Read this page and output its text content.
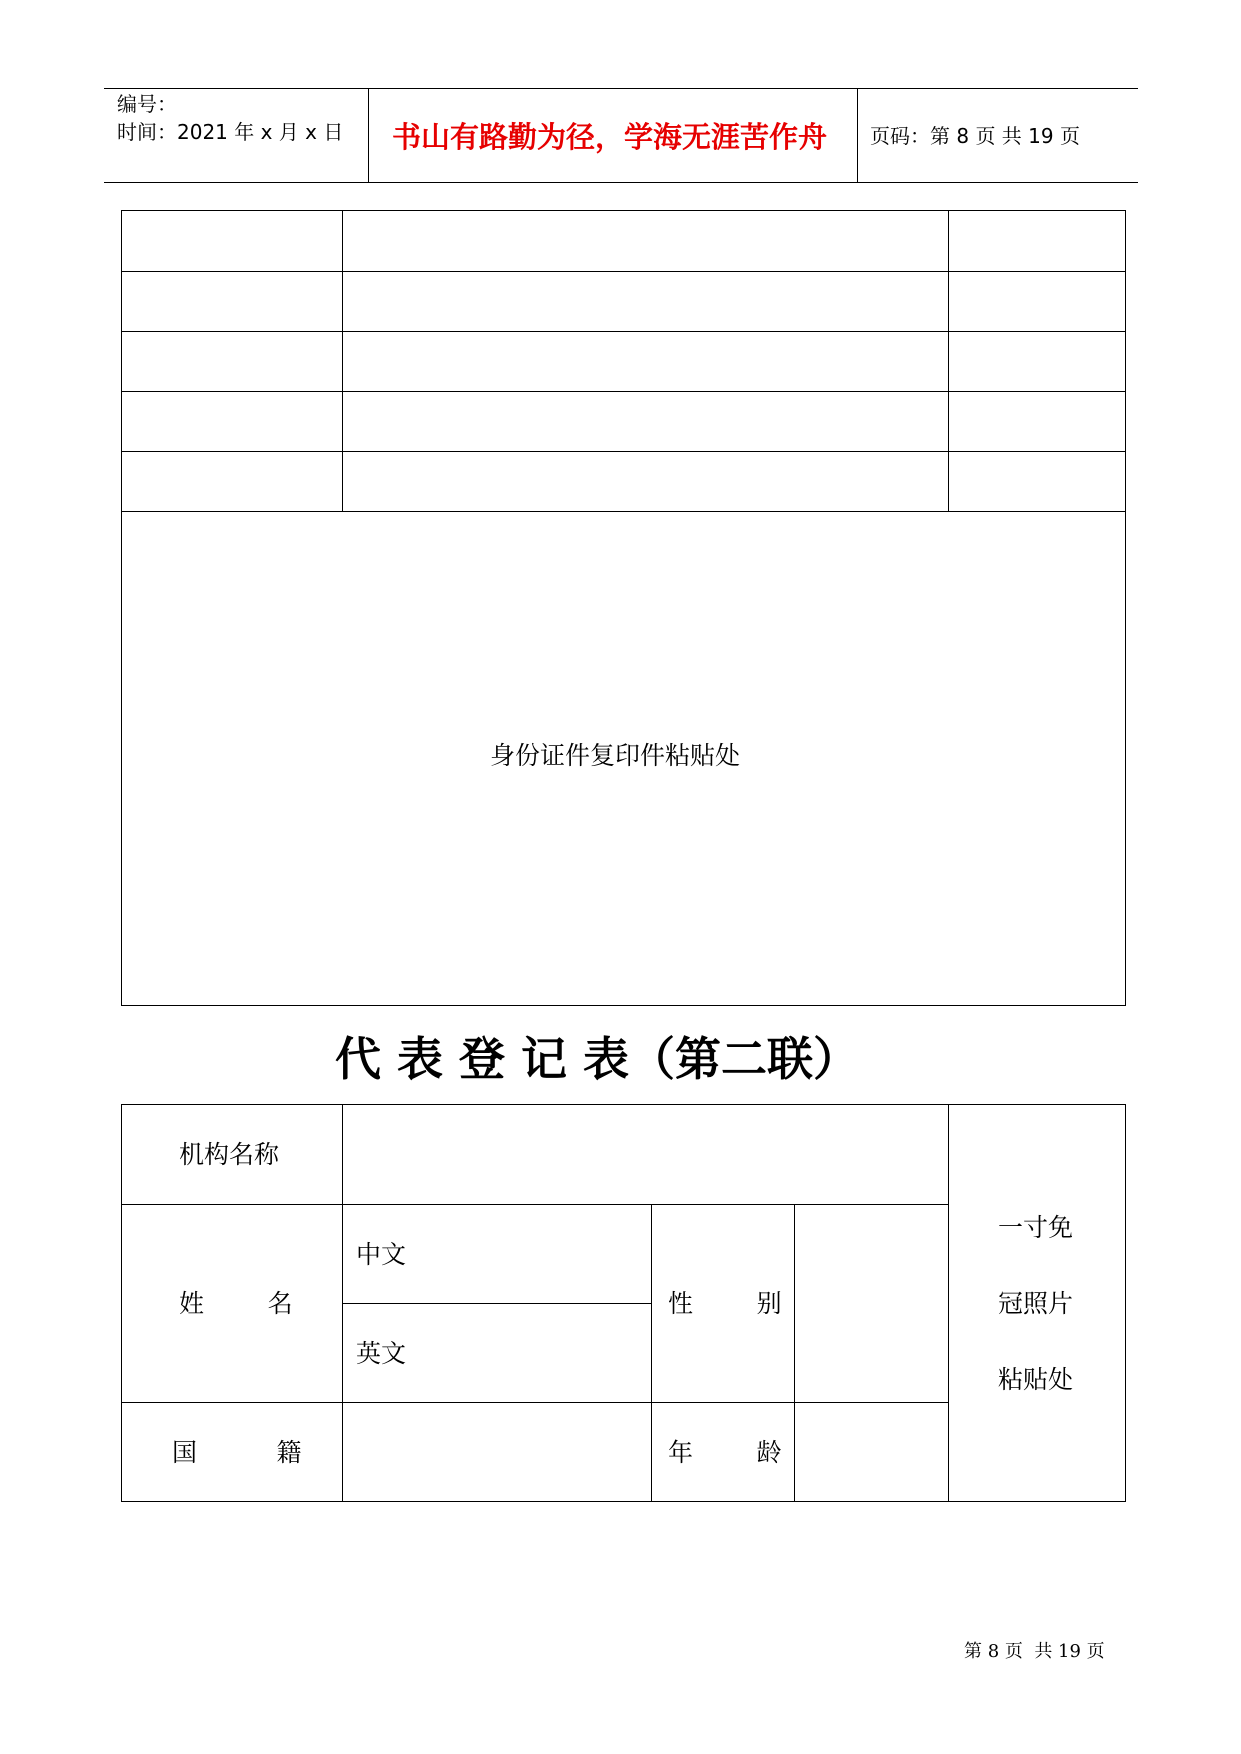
编号：
时间：2021 年 x 月 x 日 书山有路勤为径，学海无涯苦作舟 页码：第 8 页 共 19 页
身份证件复印件粘贴处
代 表 登 记 表（第二联）
机构名称
姓        名
中文
英文
性        别
国          籍	年        龄
一寸免
冠照片
粘贴处
第 8 页  共 19 页
